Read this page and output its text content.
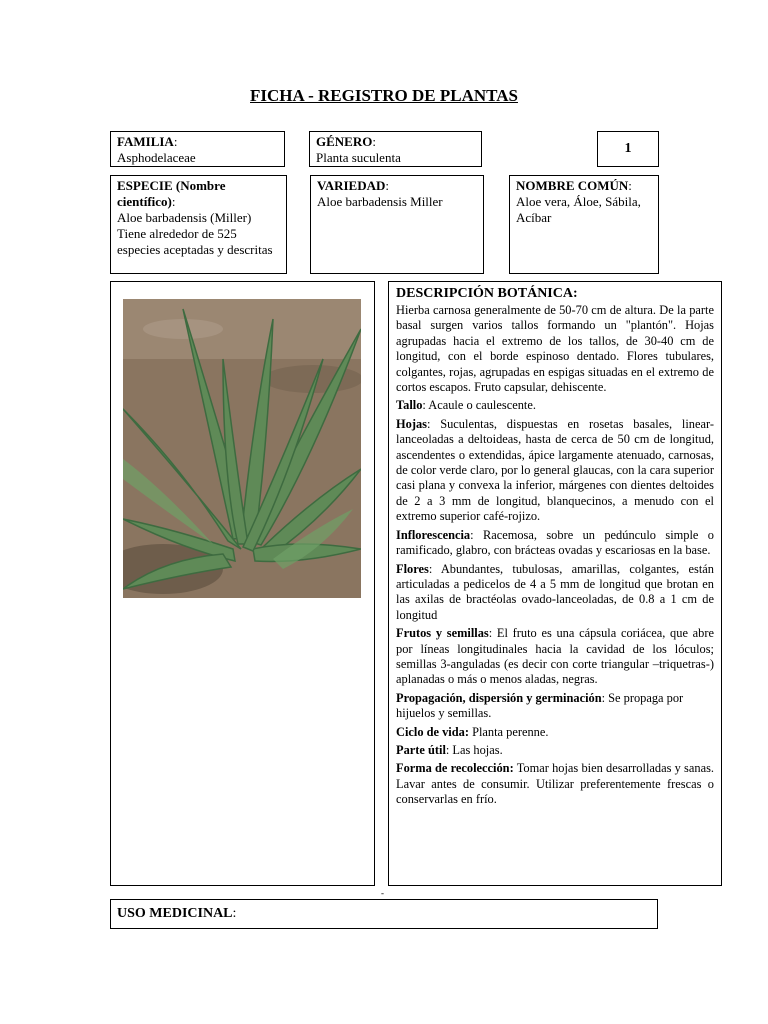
FICHA - REGISTRO DE PLANTAS
FAMILIA:
Asphodelaceae
GÉNERO:
Planta suculenta
1
ESPECIE (Nombre científico):
Aloe barbadensis (Miller)
Tiene alrededor de 525 especies aceptadas y descritas
VARIEDAD:
Aloe barbadensis Miller
NOMBRE COMÚN:
Aloe vera, Áloe, Sábila, Acíbar
DESCRIPCIÓN BOTÁNICA:

Hierba carnosa generalmente de 50-70 cm de altura. De la parte basal surgen varios tallos formando un "plantón". Hojas agrupadas hacia el extremo de los tallos, de 30-40 cm de longitud, con el borde espinoso dentado. Flores tubulares, colgantes, rojas, agrupadas en espigas situadas en el extremo de cortos escapos. Fruto capsular, dehiscente.

Tallo: Acaule o caulescente.

Hojas: Suculentas, dispuestas en rosetas basales, linear-lanceoladas a deltoideas, hasta de cerca de 50 cm de longitud, ascendentes o extendidas, ápice largamente atenuado, carnosas, de color verde claro, por lo general glaucas, con la cara superior casi plana y convexa la inferior, márgenes con dientes deltoides de 2 a 3 mm de longitud, blanquecinos, a menudo con el extremo superior café-rojizo.

Inflorescencia: Racemosa, sobre un pedúnculo simple o ramificado, glabro, con brácteas ovadas y escariosas en la base.

Flores: Abundantes, tubulosas, amarillas, colgantes, están articuladas a pedicelos de 4 a 5 mm de longitud que brotan en las axilas de bractéolas ovado-lanceoladas, de 0.8 a 1 cm de longitud

Frutos y semillas: El fruto es una cápsula coriácea, que abre por líneas longitudinales hacia la cavidad de los lóculos; semillas 3-anguladas (es decir con corte triangular –triquetras-) aplanadas o más o menos aladas, negras.

Propagación, dispersión y germinación: Se propaga por hijuelos y semillas.

Ciclo de vida: Planta perenne.

Parte útil: Las hojas.

Forma de recolección: Tomar hojas bien desarrolladas y sanas. Lavar antes de consumir. Utilizar preferentemente frescas o conservarlas en frío.

-
USO MEDICINAL:
